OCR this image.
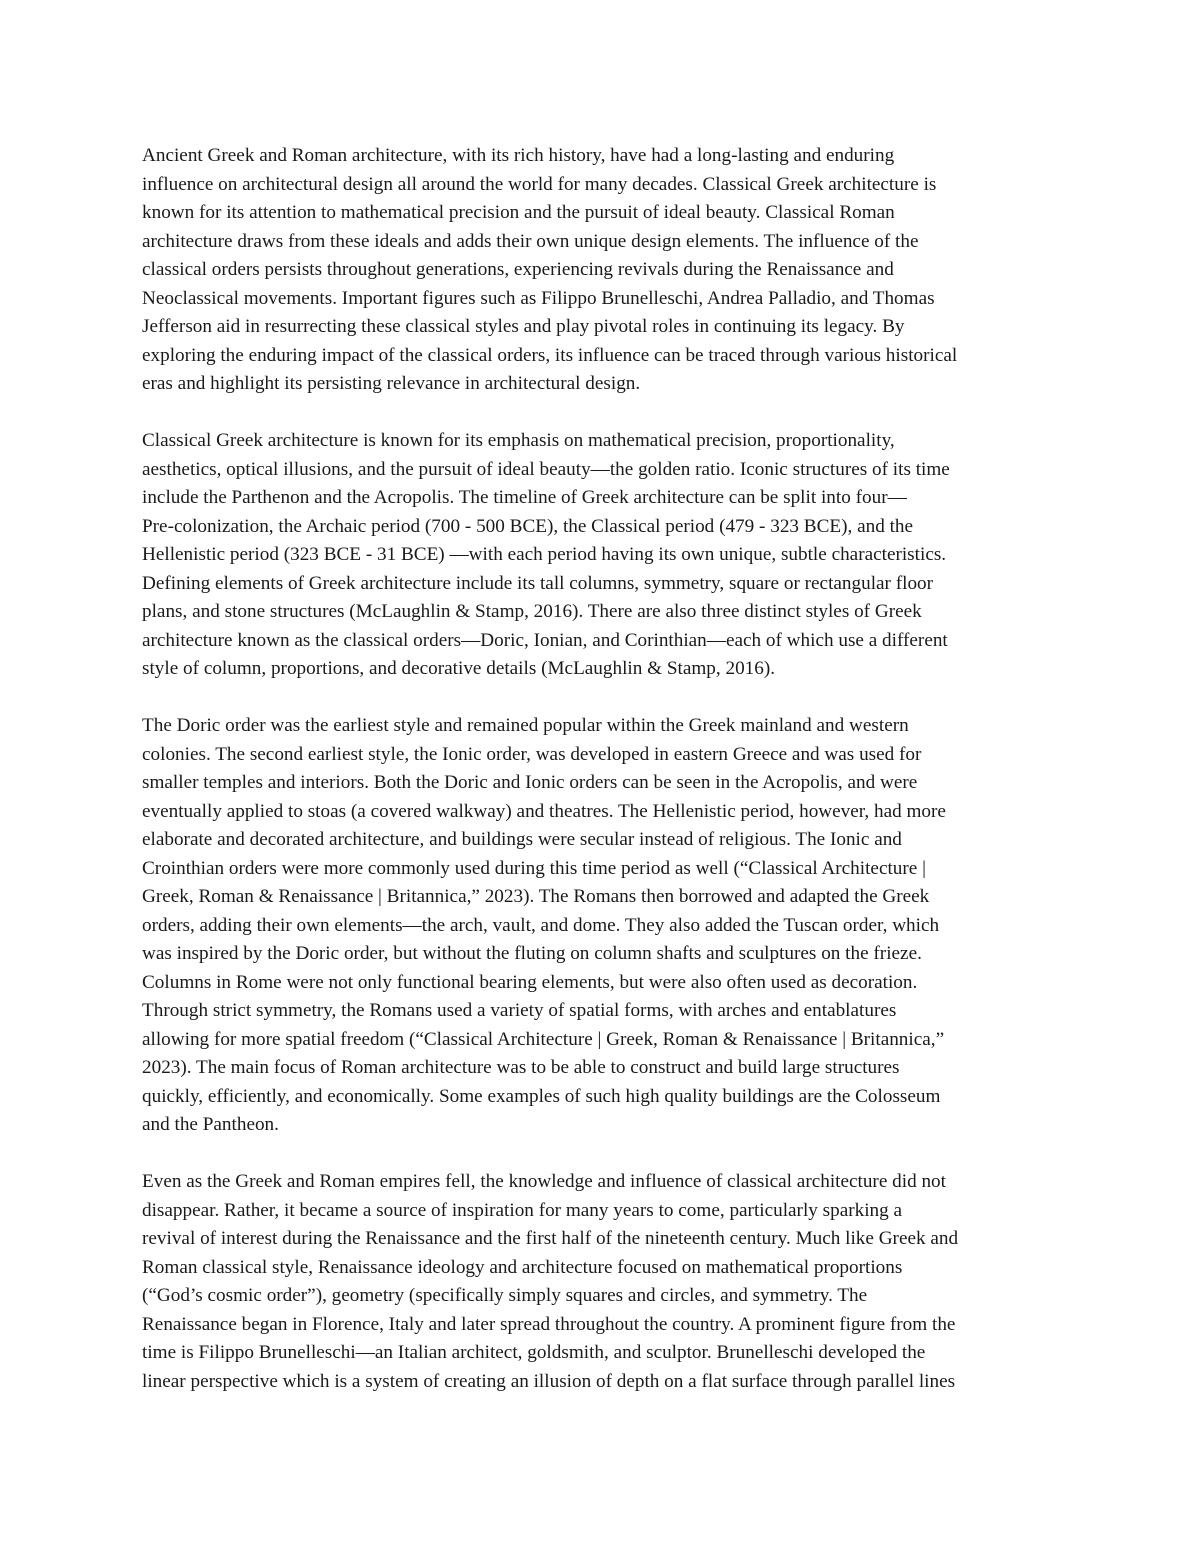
Ancient Greek and Roman architecture, with its rich history, have had a long-lasting and enduring
influence on architectural design all around the world for many decades. Classical Greek architecture is
known for its attention to mathematical precision and the pursuit of ideal beauty. Classical Roman
architecture draws from these ideals and adds their own unique design elements. The influence of the
classical orders persists throughout generations, experiencing revivals during the Renaissance and
Neoclassical movements. Important figures such as Filippo Brunelleschi, Andrea Palladio, and Thomas
Jefferson aid in resurrecting these classical styles and play pivotal roles in continuing its legacy. By
exploring the enduring impact of the classical orders, its influence can be traced through various historical
eras and highlight its persisting relevance in architectural design.

Classical Greek architecture is known for its emphasis on mathematical precision, proportionality,
aesthetics, optical illusions, and the pursuit of ideal beauty—the golden ratio. Iconic structures of its time
include the Parthenon and the Acropolis. The timeline of Greek architecture can be split into four—
Pre-colonization, the Archaic period (700 - 500 BCE), the Classical period (479 - 323 BCE), and the
Hellenistic period (323 BCE - 31 BCE) —with each period having its own unique, subtle characteristics.
Defining elements of Greek architecture include its tall columns, symmetry, square or rectangular floor
plans, and stone structures (McLaughlin & Stamp, 2016). There are also three distinct styles of Greek
architecture known as the classical orders—Doric, Ionian, and Corinthian—each of which use a different
style of column, proportions, and decorative details (McLaughlin & Stamp, 2016).

The Doric order was the earliest style and remained popular within the Greek mainland and western
colonies. The second earliest style, the Ionic order, was developed in eastern Greece and was used for
smaller temples and interiors. Both the Doric and Ionic orders can be seen in the Acropolis, and were
eventually applied to stoas (a covered walkway) and theatres. The Hellenistic period, however, had more
elaborate and decorated architecture, and buildings were secular instead of religious. The Ionic and
Crointhian orders were more commonly used during this time period as well (“Classical Architecture |
Greek, Roman & Renaissance | Britannica,” 2023). The Romans then borrowed and adapted the Greek
orders, adding their own elements—the arch, vault, and dome. They also added the Tuscan order, which
was inspired by the Doric order, but without the fluting on column shafts and sculptures on the frieze.
Columns in Rome were not only functional bearing elements, but were also often used as decoration.
Through strict symmetry, the Romans used a variety of spatial forms, with arches and entablatures
allowing for more spatial freedom (“Classical Architecture | Greek, Roman & Renaissance | Britannica,”
2023). The main focus of Roman architecture was to be able to construct and build large structures
quickly, efficiently, and economically. Some examples of such high quality buildings are the Colosseum
and the Pantheon.

Even as the Greek and Roman empires fell, the knowledge and influence of classical architecture did not
disappear. Rather, it became a source of inspiration for many years to come, particularly sparking a
revival of interest during the Renaissance and the first half of the nineteenth century. Much like Greek and
Roman classical style, Renaissance ideology and architecture focused on mathematical proportions
(“God’s cosmic order”), geometry (specifically simply squares and circles, and symmetry. The
Renaissance began in Florence, Italy and later spread throughout the country. A prominent figure from the
time is Filippo Brunelleschi—an Italian architect, goldsmith, and sculptor. Brunelleschi developed the
linear perspective which is a system of creating an illusion of depth on a flat surface through parallel lines
